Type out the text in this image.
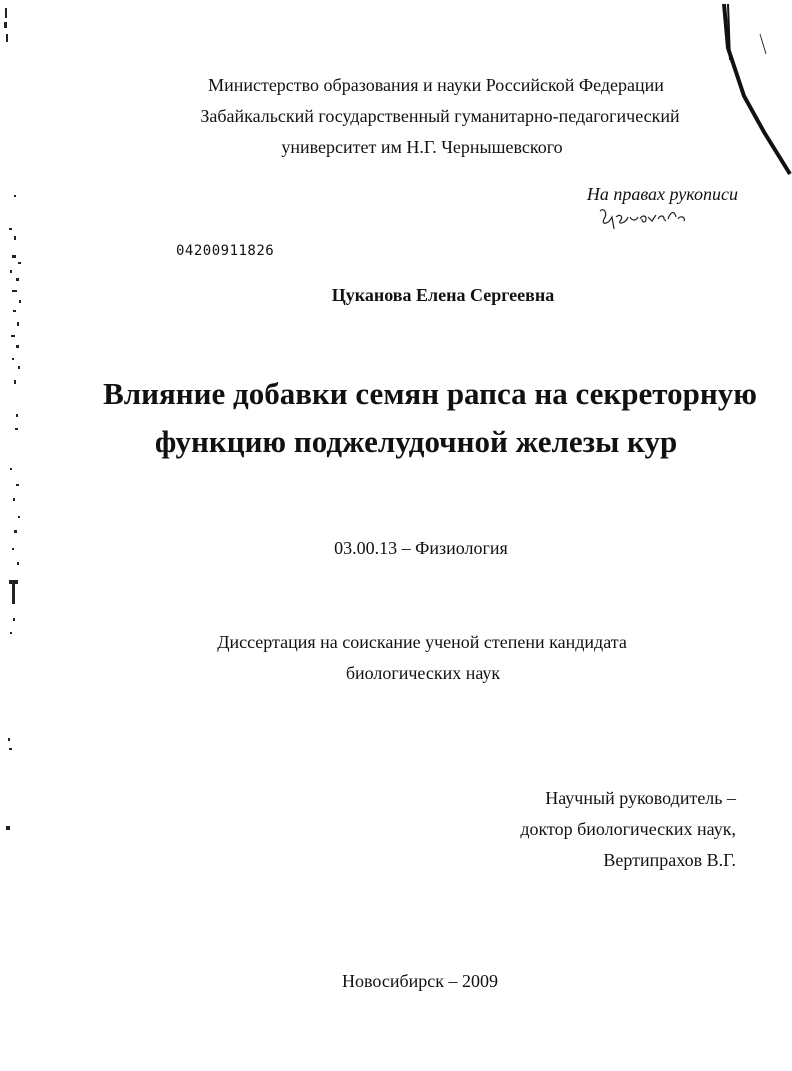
Министерство образования и науки Российской Федерации
Забайкальский государственный гуманитарно-педагогический
университет им Н.Г. Чернышевского
На правах рукописи
04200911826
Цуканова Елена Сергеевна
Влияние добавки семян рапса на секреторную
функцию поджелудочной железы кур
03.00.13 – Физиология
Диссертация на соискание ученой степени кандидата
биологических наук
Научный руководитель –
доктор биологических наук,
Вертипрахов В.Г.
Новосибирск – 2009
